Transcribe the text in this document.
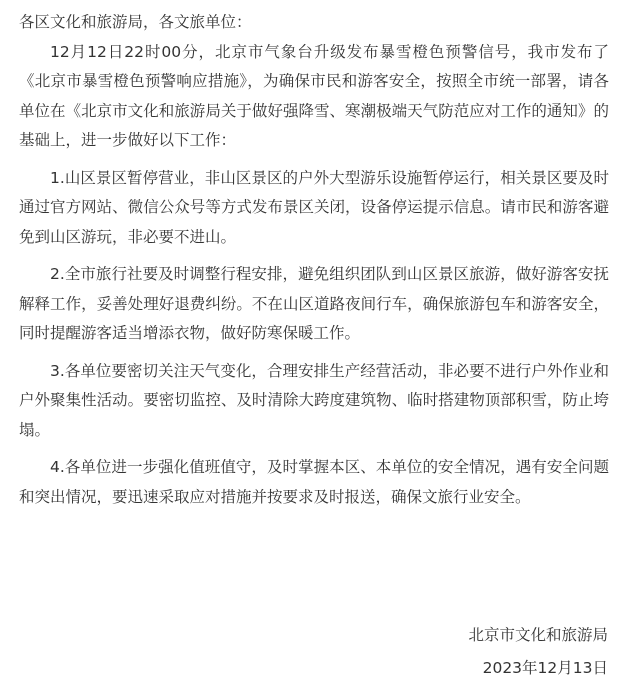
各区文化和旅游局，各文旅单位：

12月12日22时00分，北京市气象台升级发布暴雪橙色预警信号，我市发布了《北京市暴雪橙色预警响应措施》，为确保市民和游客安全，按照全市统一部署，请各单位在《北京市文化和旅游局关于做好强降雪、寒潮极端天气防范应对工作的通知》的基础上，进一步做好以下工作：

1.山区景区暂停营业，非山区景区的户外大型游乐设施暂停运行，相关景区要及时通过官方网站、微信公众号等方式发布景区关闭，设备停运提示信息。请市民和游客避免到山区游玩，非必要不进山。

2.全市旅行社要及时调整行程安排，避免组织团队到山区景区旅游，做好游客安抚解释工作，妥善处理好退费纠纷。不在山区道路夜间行车，确保旅游包车和游客安全，同时提醒游客适当增添衣物，做好防寒保暖工作。

3.各单位要密切关注天气变化，合理安排生产经营活动，非必要不进行户外作业和户外聚集性活动。要密切监控、及时清除大跨度建筑物、临时搭建物顶部积雪，防止垮塌。

4.各单位进一步强化值班值守，及时掌握本区、本单位的安全情况，遇有安全问题和突出情况，要迅速采取应对措施并按要求及时报送，确保文旅行业安全。

北京市文化和旅游局
2023年12月13日
